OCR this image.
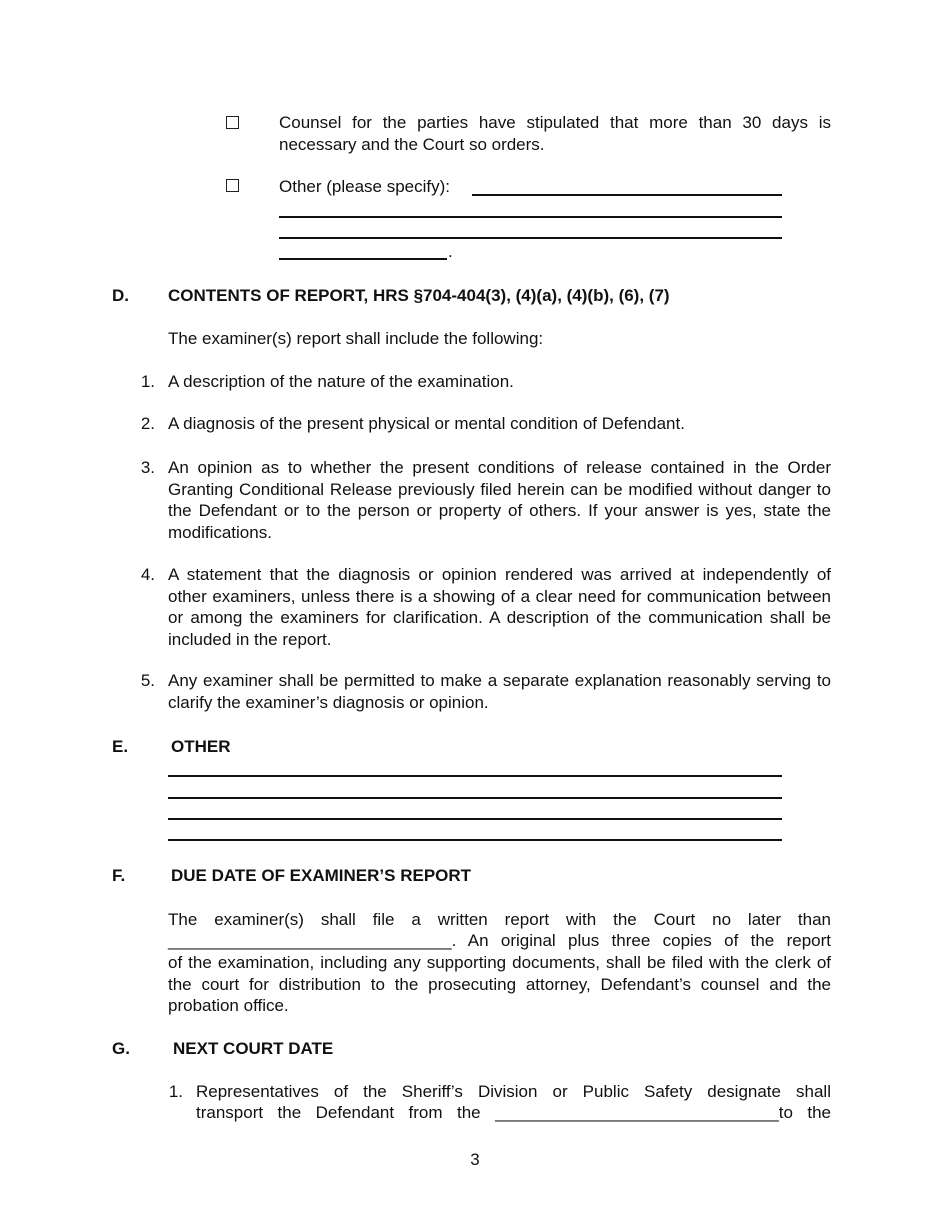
Counsel for the parties have stipulated that more than 30 days is necessary and the Court so orders.
Other (please specify):
.
D. CONTENTS OF REPORT, HRS §704-404(3), (4)(a), (4)(b), (6), (7)
The examiner(s) report shall include the following:
1. A description of the nature of the examination.
2. A diagnosis of the present physical or mental condition of Defendant.
3. An opinion as to whether the present conditions of release contained in the Order Granting Conditional Release previously filed herein can be modified without danger to the Defendant or to the person or property of others. If your answer is yes, state the modifications.
4. A statement that the diagnosis or opinion rendered was arrived at independently of other examiners, unless there is a showing of a clear need for communication between or among the examiners for clarification. A description of the communication shall be included in the report.
5. Any examiner shall be permitted to make a separate explanation reasonably serving to clarify the examiner’s diagnosis or opinion.
E.	OTHER
F.	DUE DATE OF EXAMINER’S REPORT
The examiner(s) shall file a written report with the Court no later than
______________________________. An original plus three copies of the report
of the examination, including any supporting documents, shall be filed with the clerk of the court for distribution to the prosecuting attorney, Defendant’s counsel and the probation office.
G.	NEXT COURT DATE
1. Representatives of the Sheriff’s Division or Public Safety designate shall
transport the Defendant from the ______________________________to the
3
